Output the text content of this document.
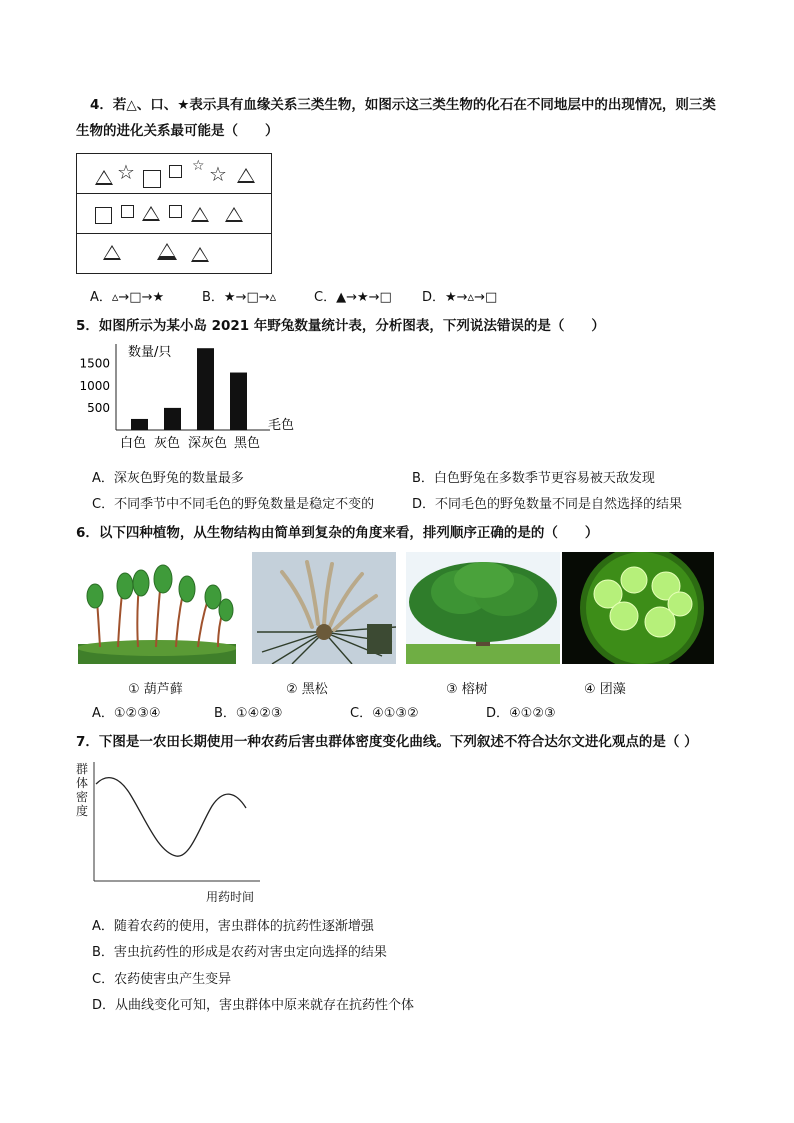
4．若△、口、★表示具有血缘关系三类生物，如图示这三类生物的化石在不同地层中的出现情况，则三类
生物的进化关系最可能是（　　）
☆	☆ ☆
A．▵→□→★	B．★→□→▵	C．▲→★→□ D．★→▵→□
5．如图所示为某小岛 2021 年野兔数量统计表，分析图表，下列说法错误的是（　　）
500
1000
1500
数量/只
毛色
白色 灰色 深灰色 黑色
A．深灰色野兔的数量最多	B．白色野兔在多数季节更容易被天敌发现
C．不同季节中不同毛色的野兔数量是稳定不变的	D．不同毛色的野兔数量不同是自然选择的结果
6．以下四种植物，从生物结构由简单到复杂的角度来看，排列顺序正确的是的（　　）
① 葫芦藓	② 黑松	③ 榕树	④ 团藻
A．①②③④	B．①④②③	C．④①③②	D．④①②③
7．下图是一农田长期使用一种农药后害虫群体密度变化曲线。下列叙述不符合达尔文进化观点的是（ ）
群体密度
用药时间
A．随着农药的使用，害虫群体的抗药性逐渐增强
B．害虫抗药性的形成是农药对害虫定向选择的结果
C．农药使害虫产生变异
D．从曲线变化可知，害虫群体中原来就存在抗药性个体
